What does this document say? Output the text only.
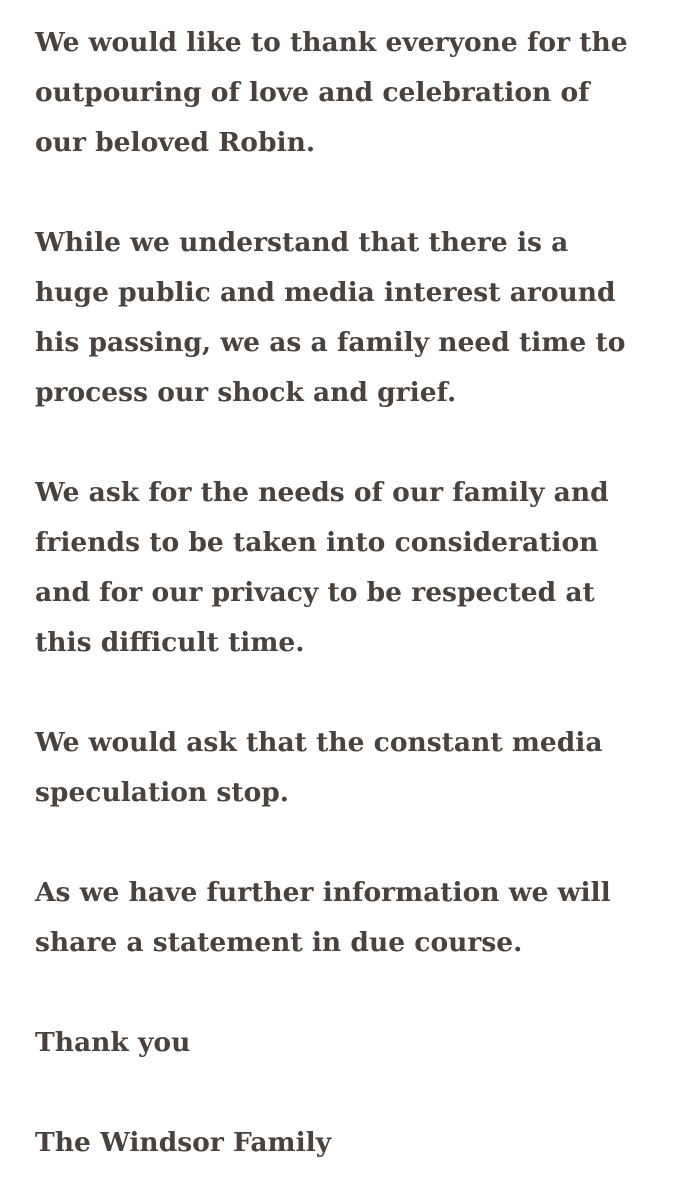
We would like to thank everyone for the
outpouring of love and celebration of
our beloved Robin.

While we understand that there is a
huge public and media interest around
his passing, we as a family need time to
process our shock and grief.

We ask for the needs of our family and
friends to be taken into consideration
and for our privacy to be respected at
this difficult time.

We would ask that the constant media
speculation stop.

As we have further information we will
share a statement in due course.

Thank you

The Windsor Family
